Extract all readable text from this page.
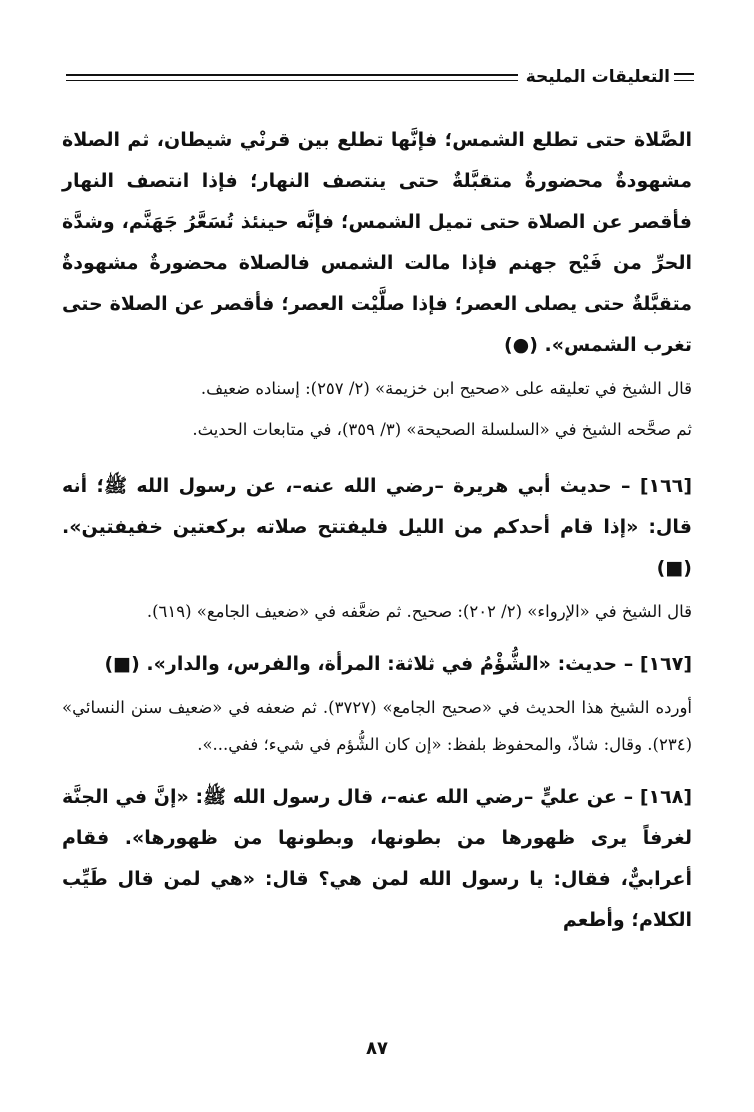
التعليقات المليحة

الصَّلاة حتى تطلع الشمس؛ فإنَّها تطلع بين قرنْي شيطان، ثم الصلاة مشهودةٌ محضورةٌ متقبَّلةٌ حتى ينتصف النهار؛ فإذا انتصف النهار فأقصر عن الصلاة حتى تميل الشمس؛ فإنَّه حينئذ تُسَعَّرُ جَهَنَّم، وشدَّة الحرِّ من فَيْح جهنم فإذا مالت الشمس فالصلاة محضورةٌ مشهودةٌ متقبَّلةٌ حتى يصلى العصر؛ فإذا صلَّيْت العصر؛ فأقصر عن الصلاة حتى تغرب الشمس». (●)

قال الشيخ في تعليقه على «صحيح ابن خزيمة» (٢/ ٢٥٧): إسناده ضعيف.

ثم صحَّحه الشيخ في «السلسلة الصحيحة» (٣/ ٣٥٩)، في متابعات الحديث.

[١٦٦] – حديث أبي هريرة –رضي الله عنه–، عن رسول الله ﷺ؛ أنه قال: «إذا قام أحدكم من الليل فليفتتح صلاته بركعتين خفيفتين». (■)

قال الشيخ في «الإرواء» (٢/ ٢٠٢): صحيح. ثم ضعَّفه في «ضعيف الجامع» (٦١٩).

[١٦٧] – حديث: «الشُّؤْمُ في ثلاثة: المرأة، والفرس، والدار». (■)

أورده الشيخ هذا الحديث في «صحيح الجامع» (٣٧٢٧). ثم ضعفه في «ضعيف سنن النسائي» (٢٣٤). وقال: شاذّ، والمحفوظ بلفظ: «إن كان الشُّؤم في شيء؛ ففي...».

[١٦٨] – عن عليٍّ –رضي الله عنه–، قال رسول الله ﷺ: «إنَّ في الجنَّة لغرفاً يرى ظهورها من بطونها، وبطونها من ظهورها». فقام أعرابيٌّ، فقال: يا رسول الله لمن هي؟ قال: «هي لمن قال طَيِّب الكلام؛ وأطعم

٨٧
